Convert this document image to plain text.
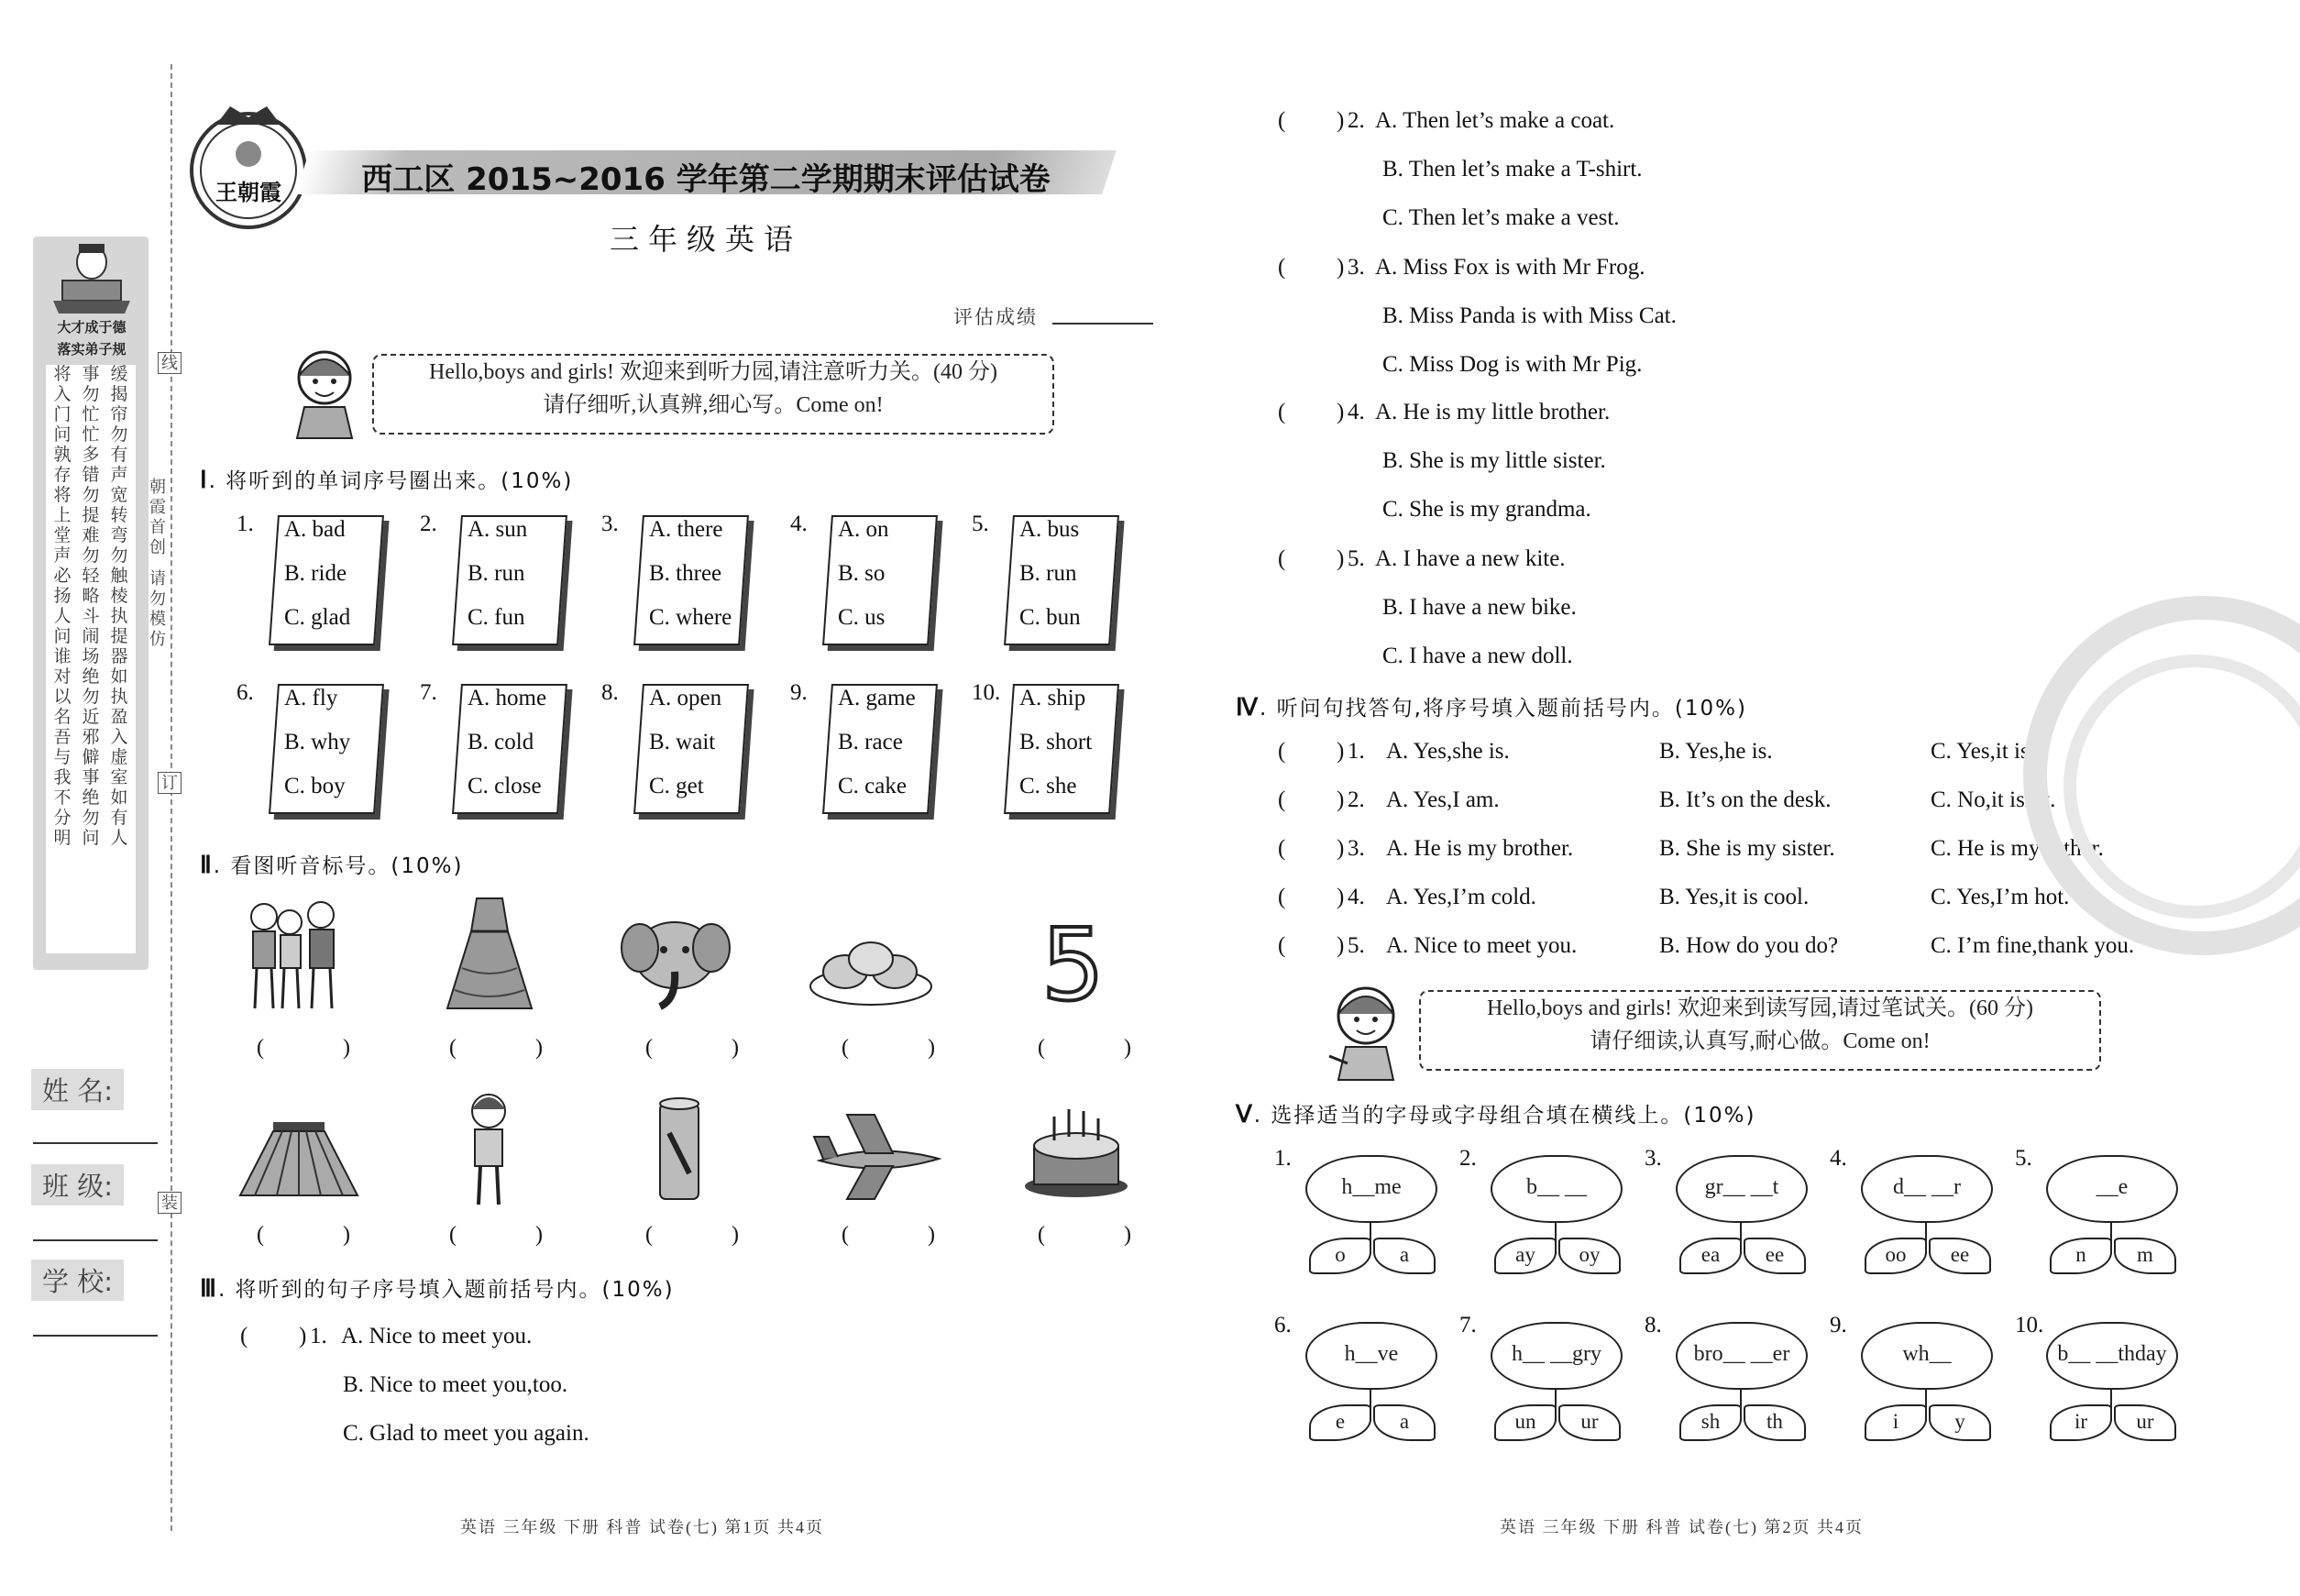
大才成于德
落实弟子规
将入门问孰存将上堂声必扬人问谁对以名吾与我不分明
事勿忙忙多错勿提难勿轻略斗闹场绝勿近邪僻事绝勿问
缓揭帘勿有声宽转弯勿触棱执提器如执盈入虚室如有人
线
朝霞首创
请勿模仿
订
装
姓 名:
班 级:
学 校:
王朝霞	西工区 2015~2016 学年第二学期期末评估试卷
三年级英语
评估成绩
Hello,boys and girls! 欢迎来到听力园,请注意听力关。(40 分)
请仔细听,认真辨,细心写。Come on!
Ⅰ. 将听到的单词序号圈出来。(10%)
1. A. bad
B. ride
C. glad
2. A. sun
B. run
C. fun
3. A. there
B. three
C. where
4. A. on
B. so
C. us
5. A. bus
B. run
C. bun
6. A. fly
B. why
C. boy
7. A. home
B. cold
C. close
8. A. open
B. wait
C. get
9. A. game
B. race
C. cake
10. A. ship
B. short
C. she
Ⅱ. 看图听音标号。(10%)
5
( )	( )	( )	( )	( )
( )	( )	( )	( )	( )
Ⅲ. 将听到的句子序号填入题前括号内。(10%)
( ) 1. A. Nice to meet you.
B. Nice to meet you,too.
C. Glad to meet you again.
( ) 2. A. Then let’s make a coat.
B. Then let’s make a T-shirt.
C. Then let’s make a vest.
( ) 3. A. Miss Fox is with Mr Frog.
B. Miss Panda is with Miss Cat.
C. Miss Dog is with Mr Pig.
( ) 4. A. He is my little brother.
B. She is my little sister.
C. She is my grandma.
( ) 5. A. I have a new kite.
B. I have a new bike.
C. I have a new doll.
Ⅳ. 听问句找答句,将序号填入题前括号内。(10%)
( ) 1. A. Yes,she is.	B. Yes,he is.	C. Yes,it is.
( ) 2. A. Yes,I am.	B. It’s on the desk.	C. No,it isn’t.
( ) 3. A. He is my brother.	B. She is my sister.	C. He is my father.
( ) 4. A. Yes,I’m cold.	B. Yes,it is cool.	C. Yes,I’m hot.
( ) 5. A. Nice to meet you.	B. How do you do?	C. I’m fine,thank you.
Hello,boys and girls! 欢迎来到读写园,请过笔试关。(60 分)
请仔细读,认真写,耐心做。Come on!
Ⅴ. 选择适当的字母或字母组合填在横线上。(10%)
1.
h__me
o	a
2.
b__ __
ay	oy
3.
gr__ __t
ea	ee
4.
d__ __r
oo	ee
5.
__e
n	m
6.
h__ve
e	a
7.
h__ __gry
un	ur
8.
bro__ __er
sh	th
9.
wh__
i	y
10.
b__ __thday
ir	ur
英语 三年级 下册 科普 试卷(七) 第1页 共4页	英语 三年级 下册 科普 试卷(七) 第2页 共4页
